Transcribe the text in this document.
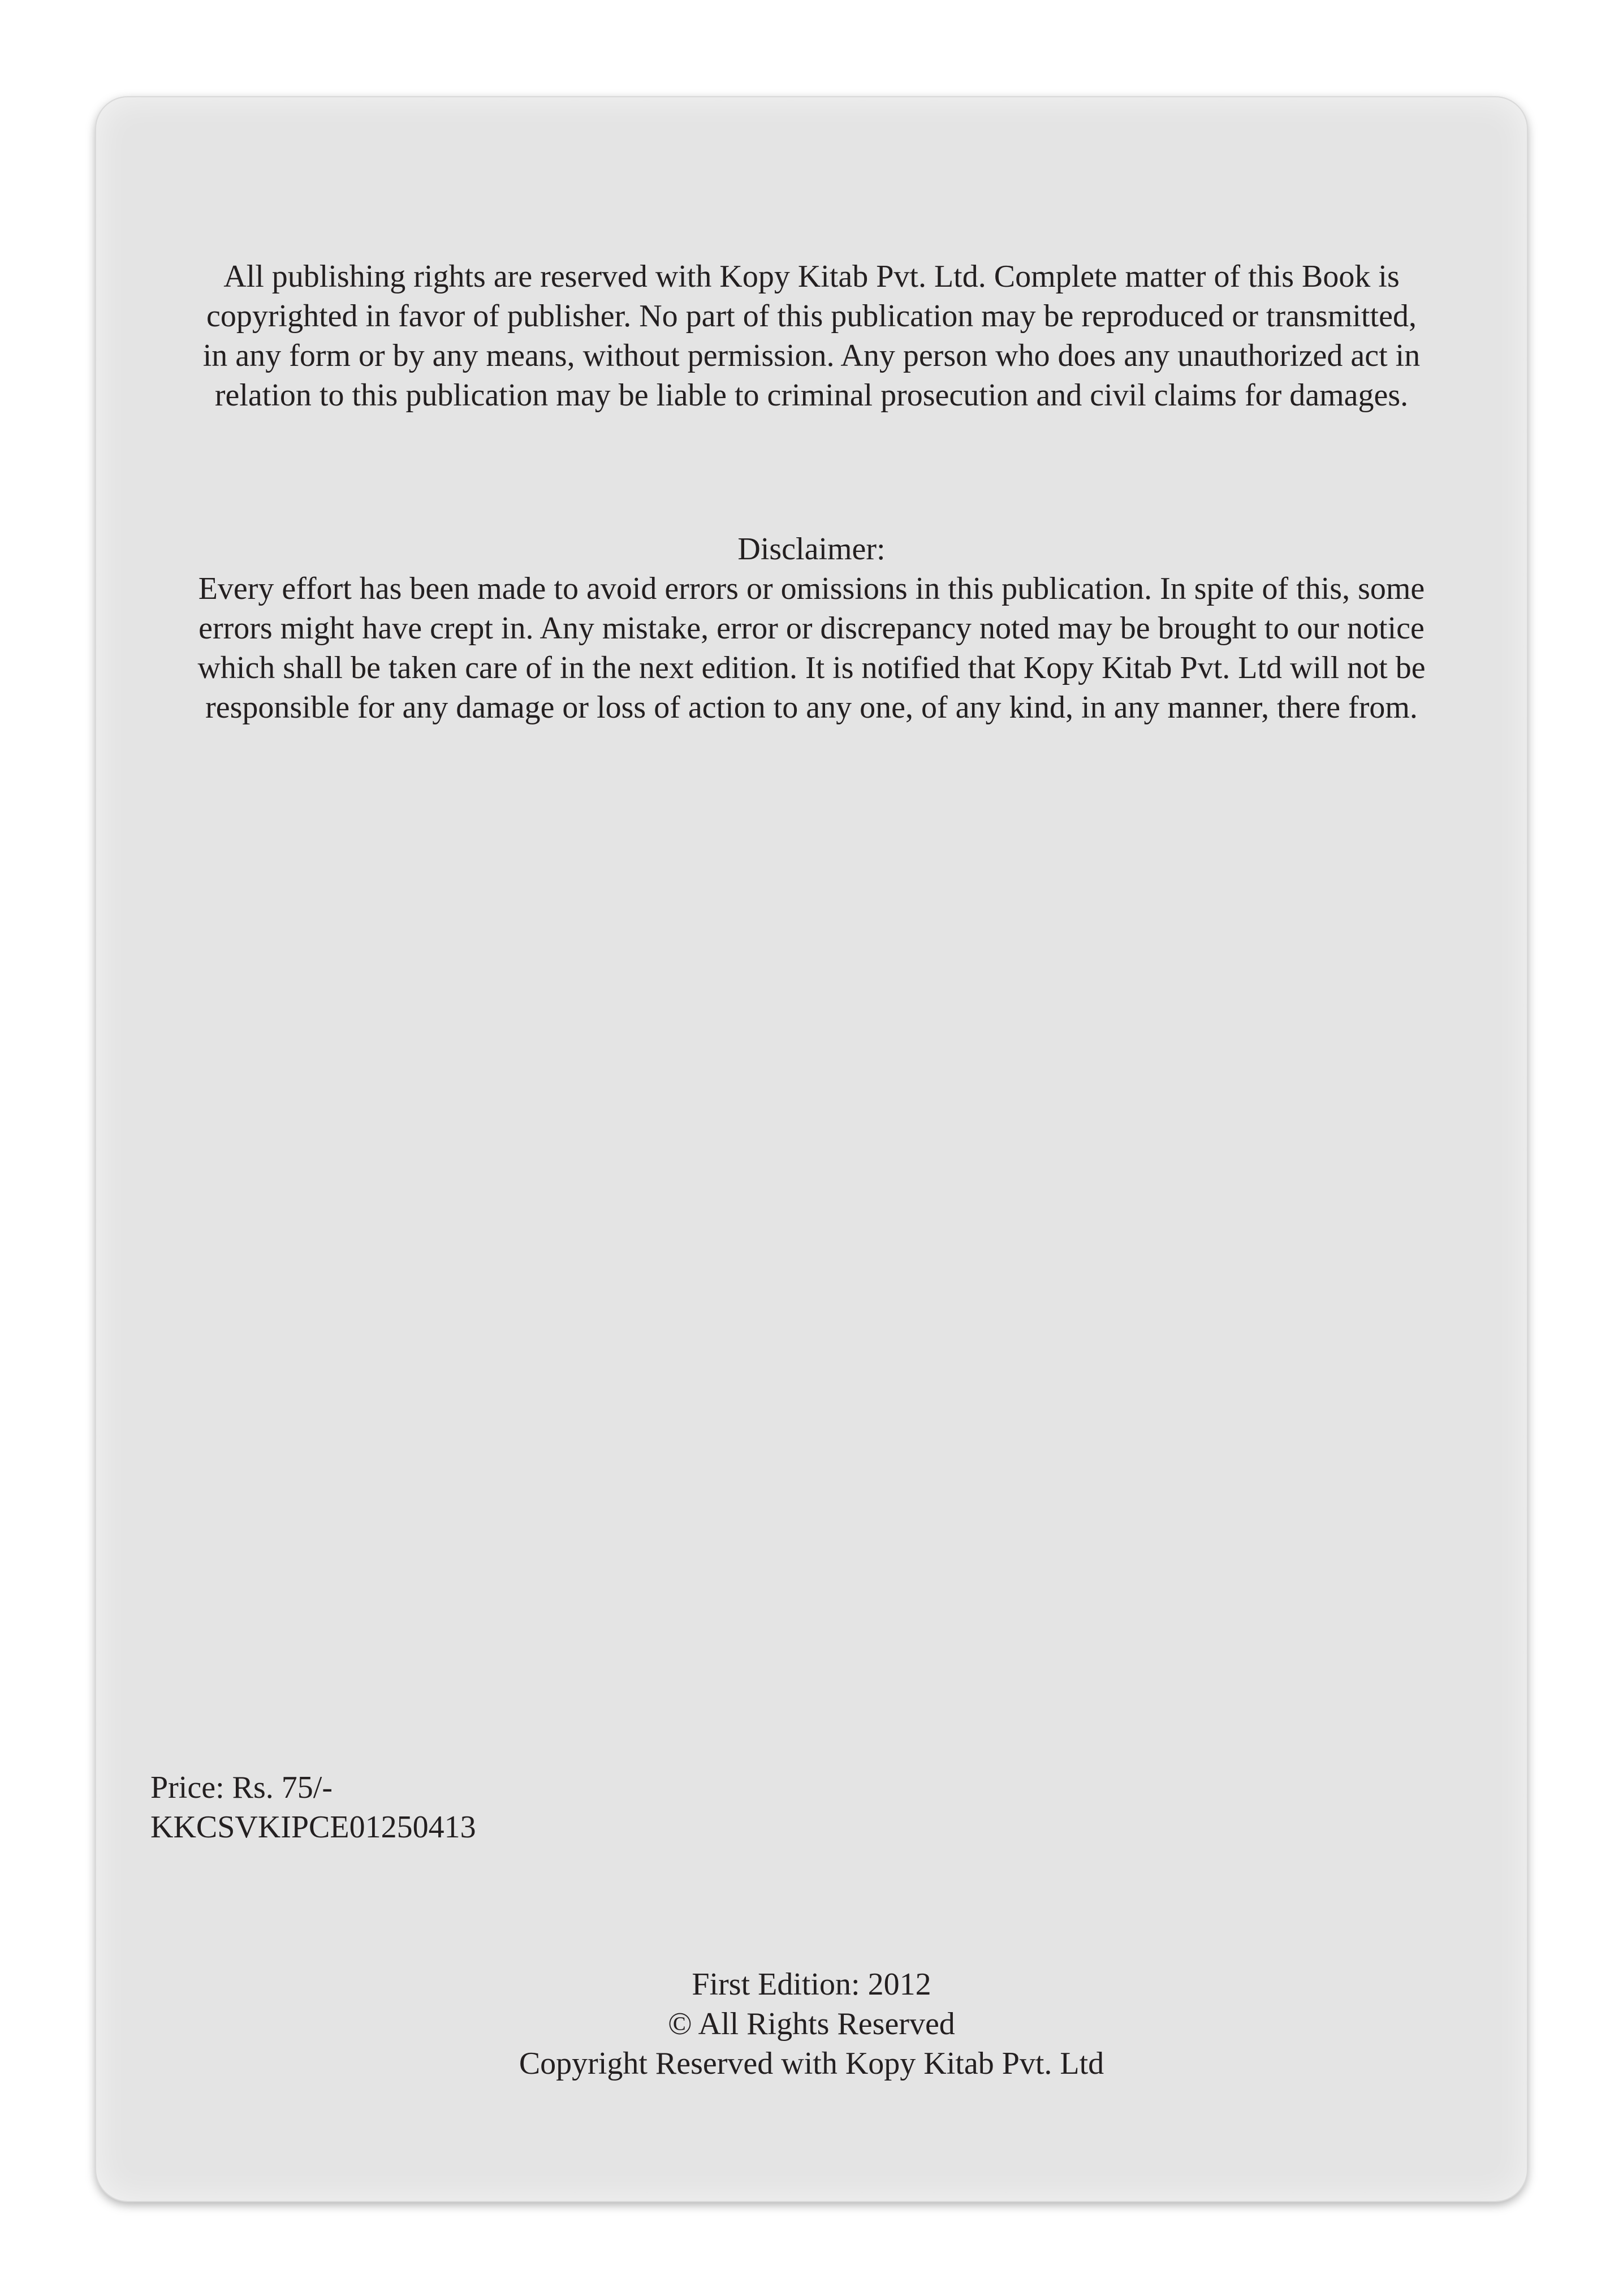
All publishing rights are reserved with Kopy Kitab Pvt. Ltd. Complete matter of this Book is
copyrighted in favor of publisher. No part of this publication may be reproduced or transmitted,
in any form or by any means, without permission. Any person who does any unauthorized act in
relation to this publication may be liable to criminal prosecution and civil claims for damages.
Disclaimer:
Every effort has been made to avoid errors or omissions in this publication. In spite of this, some
errors might have crept in. Any mistake, error or discrepancy noted may be brought to our notice
which shall be taken care of in the next edition. It is notified that Kopy Kitab Pvt. Ltd will not be
responsible for any damage or loss of action to any one, of any kind, in any manner, there from.
Price: Rs. 75/-
KKCSVKIPCE01250413
First Edition: 2012
© All Rights Reserved
Copyright Reserved with Kopy Kitab Pvt. Ltd
